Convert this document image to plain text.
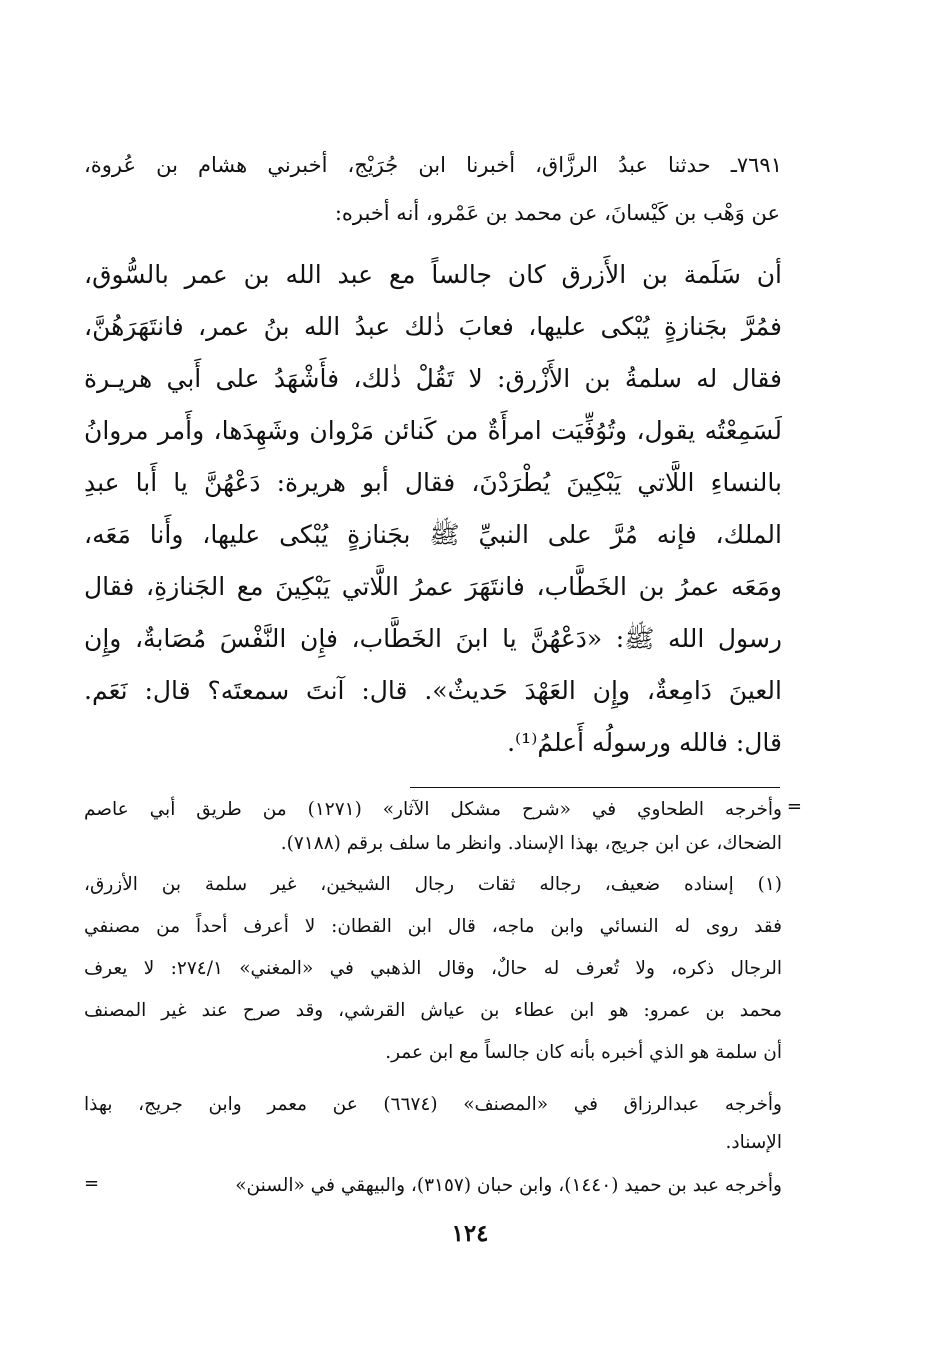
٧٦٩١ـ حدثنا عبدُ الرزَّاق، أخبرنا ابن جُرَيْج، أخبرني هشام بن عُروة،
عن وَهْب بن كَيْسانَ، عن محمد بن عَمْرو، أنه أخبره:
أن سَلَمة بن الأَزرق كان جالساً مع عبد الله بن عمر بالسُّوق،
فمُرَّ بجَنازةٍ يُبْكى عليها، فعابَ ذٰلك عبدُ الله بنُ عمر، فانتَهَرَهُنَّ،
فقال له سلمةُ بن الأَزْرق: لا تَقُلْ ذٰلك، فأَشْهَدُ على أَبي هريـرة
لَسَمِعْتُه يقول، وتُوُفِّيَت امرأَةٌ من كَنائن مَرْوان وشَهِدَها، وأَمر مروانُ
بالنساءِ اللَّاتي يَبْكِينَ يُطْرَدْنَ، فقال أبو هريرة: دَعْهُنَّ يا أَبا عبدِ
الملك، فإنه مُرَّ على النبيِّ ﷺ بجَنازةٍ يُبْكى عليها، وأَنا مَعَه،
ومَعَه عمرُ بن الخَطَّاب، فانتَهَرَ عمرُ اللَّاتي يَبْكِينَ مع الجَنازةِ، فقال
رسول الله ﷺ: «دَعْهُنَّ يا ابنَ الخَطَّاب، فإِن النَّفْسَ مُصَابةٌ، وإِن
العينَ دَامِعةٌ، وإِن العَهْدَ حَديثٌ». قال: آنتَ سمعتَه؟ قال: نَعَم.
قال: فالله ورسولُه أَعلمُ⁽¹⁾.
=
وأخرجه الطحاوي في «شرح مشكل الآثار» (١٢٧١) من طريق أبي عاصم
الضحاك، عن ابن جريج، بهذا الإسناد. وانظر ما سلف برقم (٧١٨٨).
(١) إسناده ضعيف، رجاله ثقات رجال الشيخين، غير سلمة بن الأزرق،
فقد روى له النسائي وابن ماجه، قال ابن القطان: لا أعرف أحداً من مصنفي
الرجال ذكره، ولا تُعرف له حالٌ، وقال الذهبي في «المغني» ٢٧٤/١: لا يعرف
محمد بن عمرو: هو ابن عطاء بن عياش القرشي، وقد صرح عند غير المصنف
أن سلمة هو الذي أخبره بأنه كان جالساً مع ابن عمر.
وأخرجه عبدالرزاق في «المصنف» (٦٦٧٤) عن معمر وابن جريج، بهذا
الإسناد.
وأخرجه عبد بن حميد (١٤٤٠)، وابن حبان (٣١٥٧)، والبيهقي في «السنن»
=
١٢٤
